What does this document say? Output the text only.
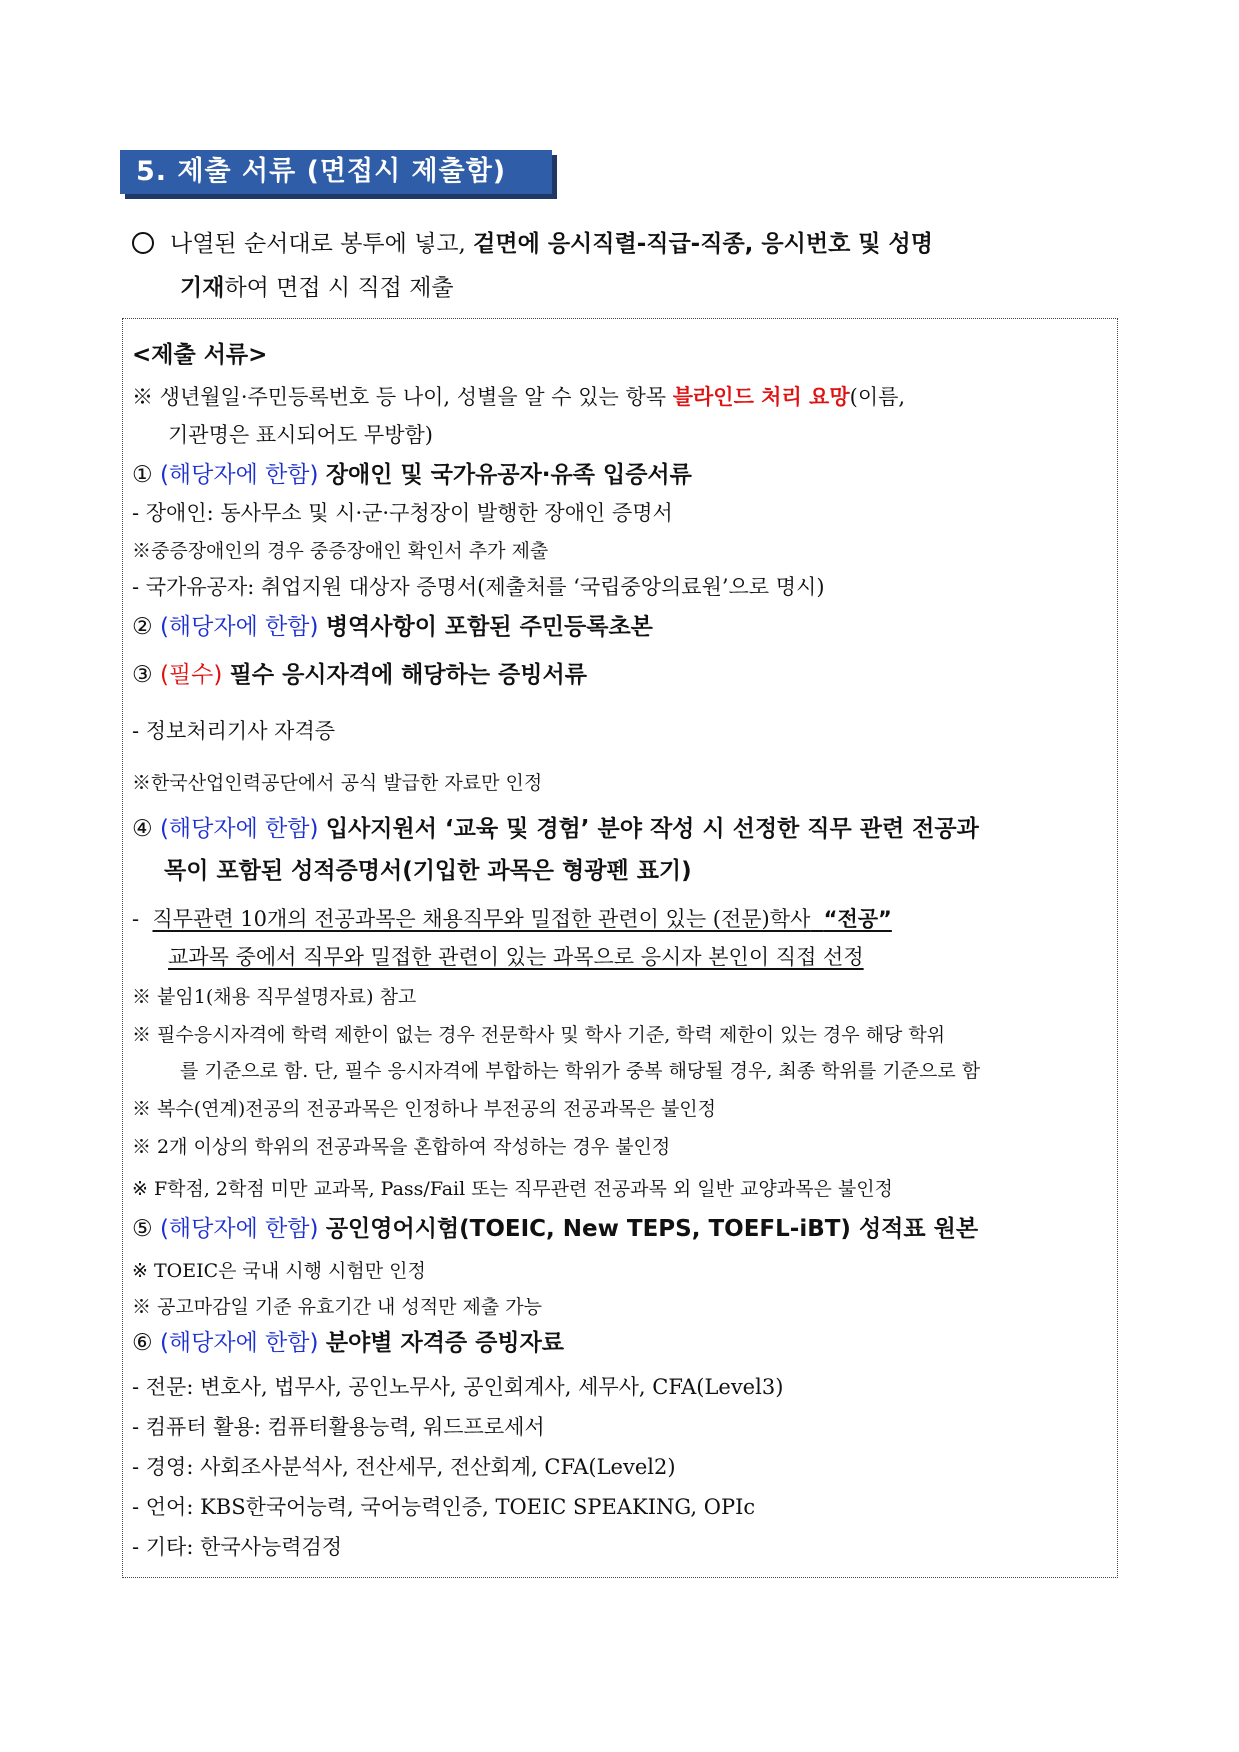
5. 제출 서류 (면접시 제출함)
나열된 순서대로 봉투에 넣고, 겉면에 응시직렬-직급-직종, 응시번호 및 성명
기재하여 면접 시 직접 제출
<제출 서류>
※ 생년월일·주민등록번호 등 나이, 성별을 알 수 있는 항목 블라인드 처리 요망(이름,
기관명은 표시되어도 무방함)
① (해당자에 한함) 장애인 및 국가유공자·유족 입증서류
- 장애인: 동사무소 및 시·군·구청장이 발행한 장애인 증명서
※중증장애인의 경우 중증장애인 확인서 추가 제출
- 국가유공자: 취업지원 대상자 증명서(제출처를 ‘국립중앙의료원’으로 명시)
② (해당자에 한함) 병역사항이 포함된 주민등록초본
③ (필수) 필수 응시자격에 해당하는 증빙서류
- 정보처리기사 자격증
※한국산업인력공단에서 공식 발급한 자료만 인정
④ (해당자에 한함) 입사지원서 ‘교육 및 경험’ 분야 작성 시 선정한 직무 관련 전공과
목이 포함된 성적증명서(기입한 과목은 형광펜 표기)
- 직무관련 10개의 전공과목은 채용직무와 밀접한 관련이 있는 (전문)학사 “전공”
교과목 중에서 직무와 밀접한 관련이 있는 과목으로 응시자 본인이 직접 선정
※ 붙임1(채용 직무설명자료) 참고
※ 필수응시자격에 학력 제한이 없는 경우 전문학사 및 학사 기준, 학력 제한이 있는 경우 해당 학위
를 기준으로 함. 단, 필수 응시자격에 부합하는 학위가 중복 해당될 경우, 최종 학위를 기준으로 함
※ 복수(연계)전공의 전공과목은 인정하나 부전공의 전공과목은 불인정
※ 2개 이상의 학위의 전공과목을 혼합하여 작성하는 경우 불인정
※ F학점, 2학점 미만 교과목, Pass/Fail 또는 직무관련 전공과목 외 일반 교양과목은 불인정
⑤ (해당자에 한함) 공인영어시험(TOEIC, New TEPS, TOEFL-iBT) 성적표 원본
※ TOEIC은 국내 시행 시험만 인정
※ 공고마감일 기준 유효기간 내 성적만 제출 가능
⑥ (해당자에 한함) 분야별 자격증 증빙자료
- 전문: 변호사, 법무사, 공인노무사, 공인회계사, 세무사, CFA(Level3)
- 컴퓨터 활용: 컴퓨터활용능력, 워드프로세서
- 경영: 사회조사분석사, 전산세무, 전산회계, CFA(Level2)
- 언어: KBS한국어능력, 국어능력인증, TOEIC SPEAKING, OPIc
- 기타: 한국사능력검정
